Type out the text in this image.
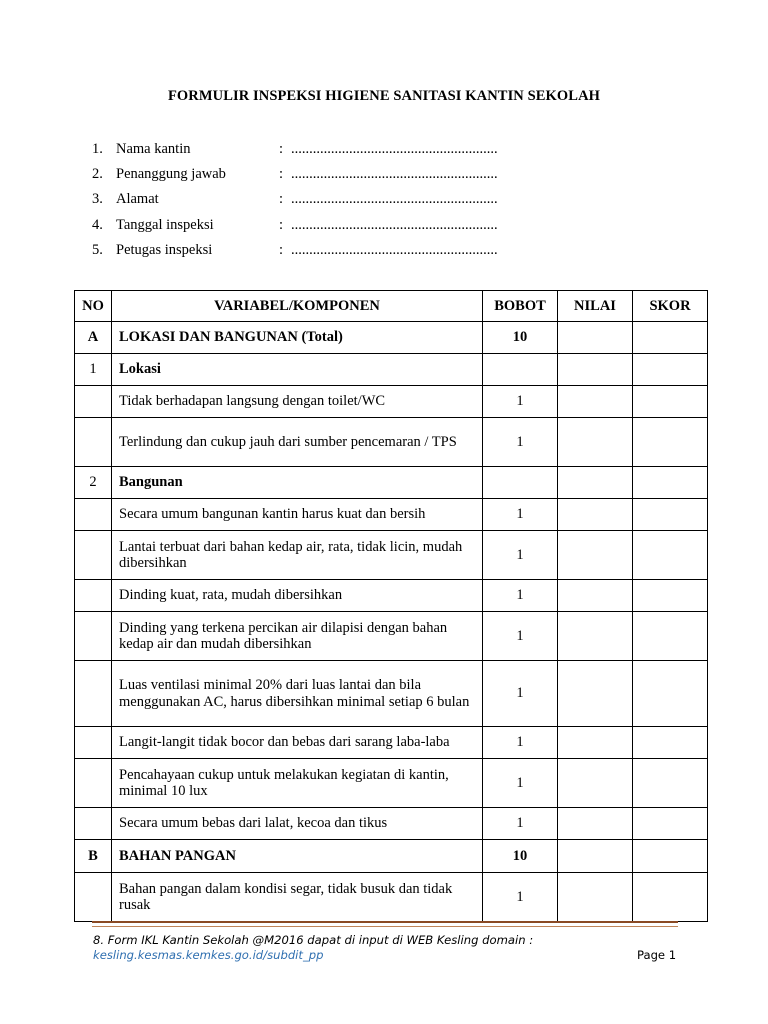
FORMULIR INSPEKSI HIGIENE SANITASI KANTIN SEKOLAH
1. Nama kantin	: .........................................................
2. Penanggung jawab	: .........................................................
3. Alamat	: .........................................................
4. Tanggal inspeksi	: .........................................................
5. Petugas inspeksi	: .........................................................
NO	VARIABEL/KOMPONEN	BOBOT	NILAI	SKOR
A	LOKASI DAN BANGUNAN (Total)	10		
1	Lokasi			
	Tidak berhadapan langsung dengan toilet/WC	1		
	Terlindung dan cukup jauh dari sumber pencemaran / TPS	1		
2	Bangunan			
	Secara umum bangunan kantin harus kuat dan bersih	1		
	Lantai terbuat dari bahan kedap air, rata, tidak licin, mudah dibersihkan	1		
	Dinding kuat, rata, mudah dibersihkan	1		
	Dinding yang terkena percikan air dilapisi dengan bahan kedap air dan mudah dibersihkan	1		
	Luas ventilasi minimal 20% dari luas lantai dan bila menggunakan AC, harus dibersihkan minimal setiap 6 bulan	1		
	Langit-langit tidak bocor dan bebas dari sarang laba-laba	1		
	Pencahayaan cukup untuk melakukan kegiatan di kantin, minimal 10 lux	1		
	Secara umum bebas dari lalat, kecoa dan tikus	1		
B	BAHAN PANGAN	10		
	Bahan pangan dalam kondisi segar, tidak busuk dan tidak rusak	1		
8. Form IKL Kantin Sekolah @M2016 dapat di input di WEB Kesling domain :
kesling.kesmas.kemkes.go.id/subdit_pp	Page 1
